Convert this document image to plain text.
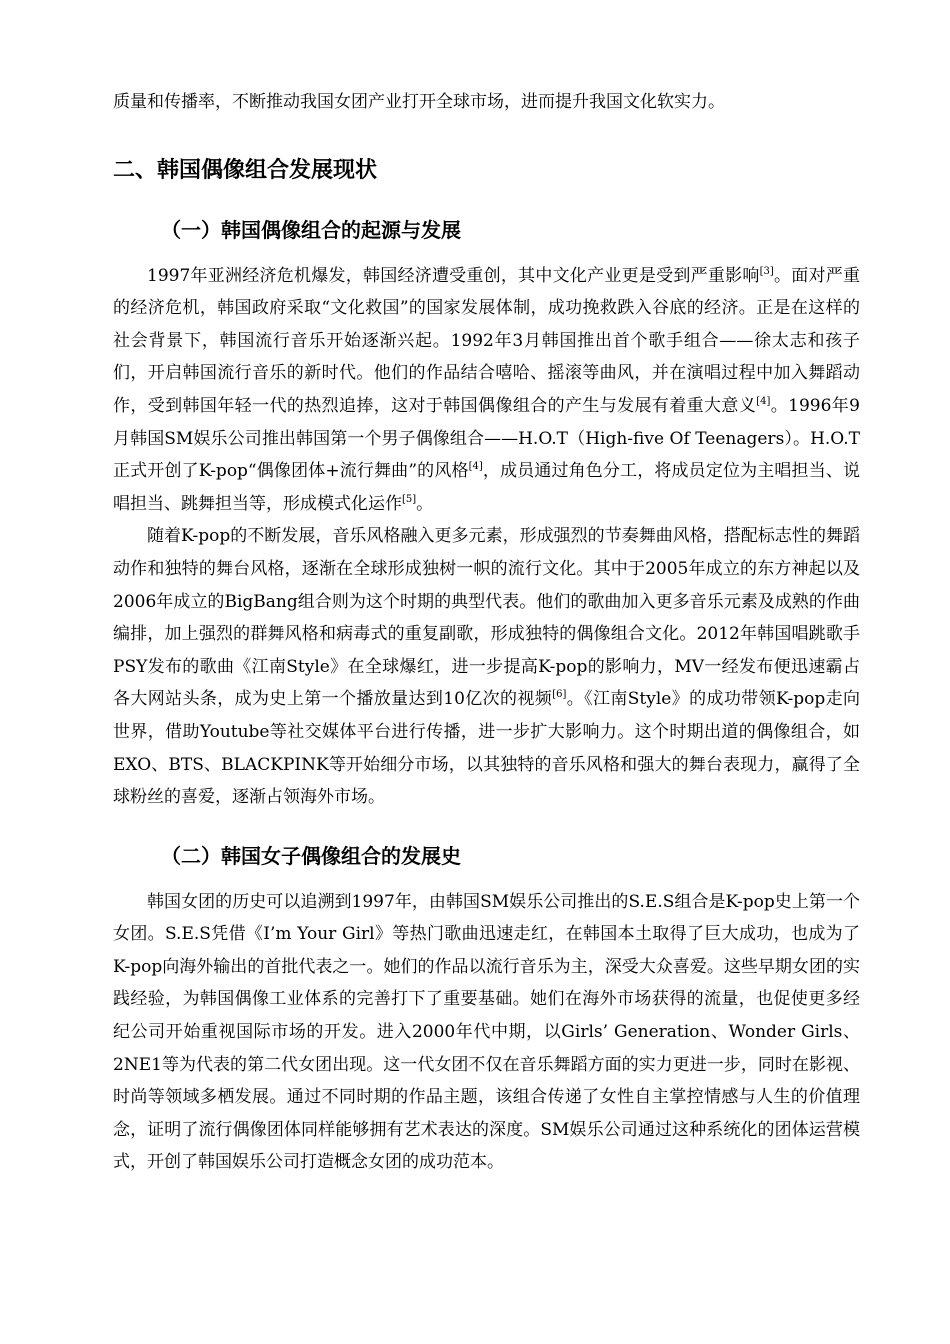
质量和传播率，不断推动我国女团产业打开全球市场，进而提升我国文化软实力。

二、韩国偶像组合发展现状
（一）韩国偶像组合的起源与发展

1997年亚洲经济危机爆发，韩国经济遭受重创，其中文化产业更是受到严重影响[3]。面对严重的经济危机，韩国政府采取“文化救国”的国家发展体制，成功挽救跌入谷底的经济。正是在这样的社会背景下，韩国流行音乐开始逐渐兴起。1992年3月韩国推出首个歌手组合——徐太志和孩子们，开启韩国流行音乐的新时代。他们的作品结合嘻哈、摇滚等曲风，并在演唱过程中加入舞蹈动作，受到韩国年轻一代的热烈追捧，这对于韩国偶像组合的产生与发展有着重大意义[4]。1996年9月韩国SM娱乐公司推出韩国第一个男子偶像组合——H.O.T（High-five Of Teenagers）。H.O.T正式开创了K-pop“偶像团体+流行舞曲”的风格[4]，成员通过角色分工，将成员定位为主唱担当、说唱担当、跳舞担当等，形成模式化运作[5]。

随着K-pop的不断发展，音乐风格融入更多元素，形成强烈的节奏舞曲风格，搭配标志性的舞蹈动作和独特的舞台风格，逐渐在全球形成独树一帜的流行文化。其中于2005年成立的东方神起以及2006年成立的BigBang组合则为这个时期的典型代表。他们的歌曲加入更多音乐元素及成熟的作曲编排，加上强烈的群舞风格和病毒式的重复副歌，形成独特的偶像组合文化。2012年韩国唱跳歌手PSY发布的歌曲《江南Style》在全球爆红，进一步提高K-pop的影响力，MV一经发布便迅速霸占各大网站头条，成为史上第一个播放量达到10亿次的视频[6]。《江南Style》的成功带领K-pop走向世界，借助Youtube等社交媒体平台进行传播，进一步扩大影响力。这个时期出道的偶像组合，如EXO、BTS、BLACKPINK等开始细分市场，以其独特的音乐风格和强大的舞台表现力，赢得了全球粉丝的喜爱，逐渐占领海外市场。

（二）韩国女子偶像组合的发展史

韩国女团的历史可以追溯到1997年，由韩国SM娱乐公司推出的S.E.S组合是K-pop史上第一个女团。S.E.S凭借《I’m Your Girl》等热门歌曲迅速走红，在韩国本土取得了巨大成功，也成为了K-pop向海外输出的首批代表之一。她们的作品以流行音乐为主，深受大众喜爱。这些早期女团的实践经验，为韩国偶像工业体系的完善打下了重要基础。她们在海外市场获得的流量，也促使更多经纪公司开始重视国际市场的开发。进入2000年代中期，以Girls’ Generation、Wonder Girls、2NE1等为代表的第二代女团出现。这一代女团不仅在音乐舞蹈方面的实力更进一步，同时在影视、时尚等领域多栖发展。通过不同时期的作品主题，该组合传递了女性自主掌控情感与人生的价值理念，证明了流行偶像团体同样能够拥有艺术表达的深度。SM娱乐公司通过这种系统化的团体运营模式，开创了韩国娱乐公司打造概念女团的成功范本。
